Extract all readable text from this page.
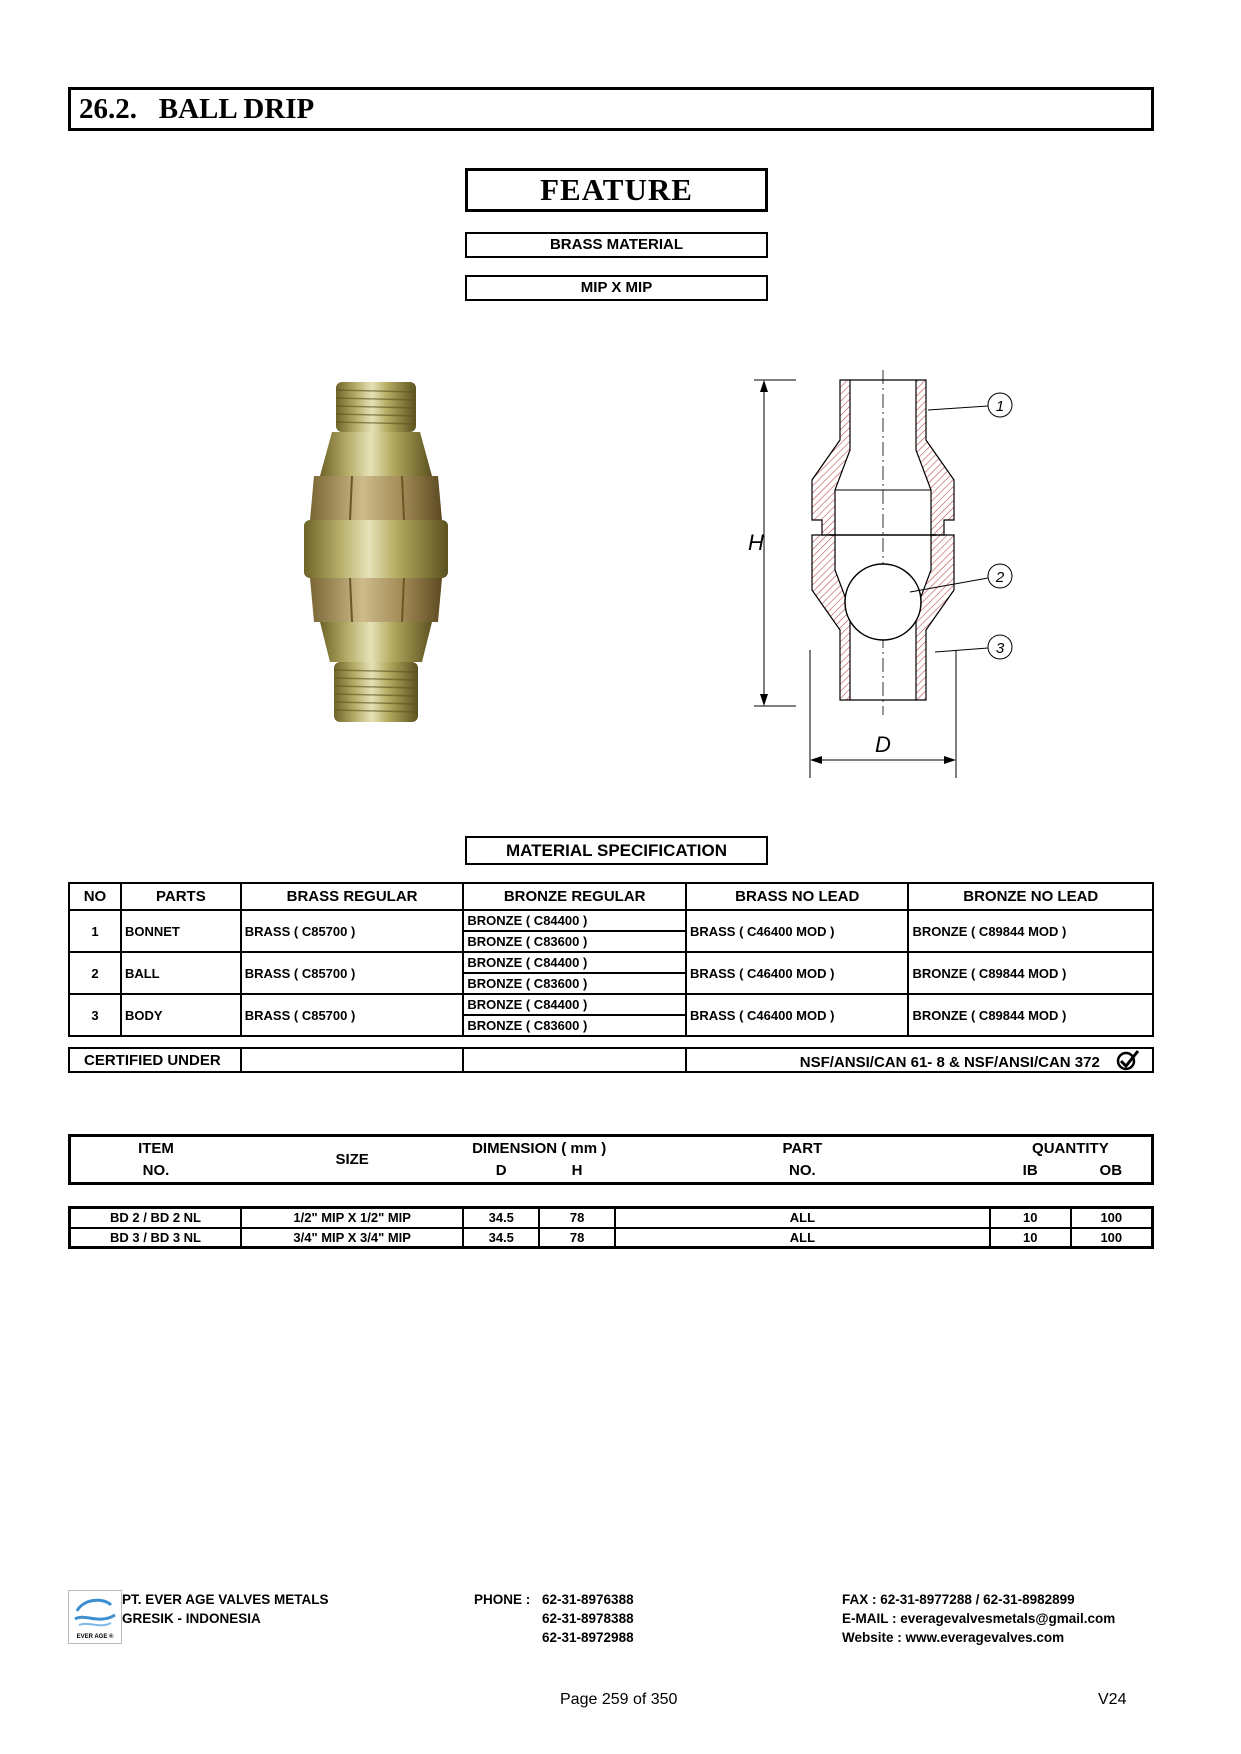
26.2.   BALL DRIP
FEATURE
BRASS MATERIAL
MIP X MIP
H
D
1
2
3
MATERIAL SPECIFICATION
NO	PARTS	BRASS REGULAR	BRONZE REGULAR	BRASS NO LEAD	BRONZE NO LEAD
1	BONNET	BRASS ( C85700 )	BRONZE ( C84400 )	BRASS ( C46400 MOD )	BRONZE ( C89844 MOD )
			BRONZE ( C83600 )		
2	BALL	BRASS ( C85700 )	BRONZE ( C84400 )	BRASS ( C46400 MOD )	BRONZE ( C89844 MOD )
			BRONZE ( C83600 )		
3	BODY	BRASS ( C85700 )	BRONZE ( C84400 )	BRASS ( C46400 MOD )	BRONZE ( C89844 MOD )
			BRONZE ( C83600 )		
CERTIFIED UNDER			NSF/ANSI/CAN 61- 8 & NSF/ANSI/CAN 372
ITEM	SIZE	DIMENSION ( mm )		PART	QUANTITY	
NO.		D	H	NO.	IB	OB
BD 2 / BD 2 NL	1/2" MIP X 1/2" MIP	34.5	78	ALL	10	100
BD 3 / BD 3 NL	3/4" MIP X 3/4" MIP	34.5	78	ALL	10	100
EVER AGE ®
PT. EVER AGE VALVES METALS
GRESIK - INDONESIA
PHONE : 62-31-8976388
62-31-8978388
62-31-8972988
FAX : 62-31-8977288 / 62-31-8982899
E-MAIL : everagevalvesmetals@gmail.com
Website : www.everagevalves.com
Page 259 of 350	V24
